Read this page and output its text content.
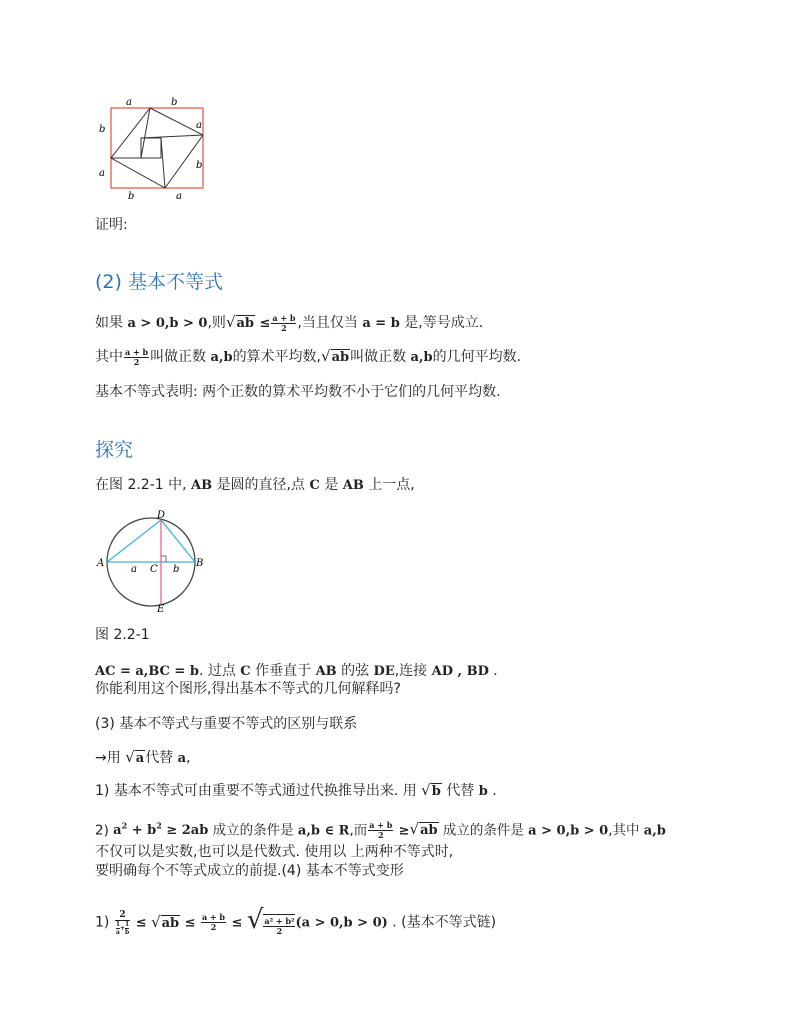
a	b
b	a
a
b
b	a
证明:
(2) 基本不等式
如果 a > 0,b > 0,则$√ab \le \frac{a + b}{2}$ ,当且仅当 a = b 是,等号成立.
其中 $\frac{a + b}{2}$ 叫做正数 a,b的算术平均数,√ab叫做正数 a,b的几何平均数.
基本不等式表明: 两个正数的算术平均数不小于它们的几何平均数.
探究
在图 2.2-1 中, AB 是圆的直径,点 C 是 AB 上一点,
D
A	B
a C b
E
图 2.2-1
AC = a,BC = b. 过点 C 作垂直于 AB 的弦 DE,连接 AD , BD .
你能利用这个图形,得出基本不等式的几何解释吗?
(3) 基本不等式与重要不等式的区别与联系
→用 √a代替 a,
1) 基本不等式可由重要不等式通过代换推导出来. 用 √b 代替 b .
2) $a^2 + b^2 \ge 2ab$ 成立的条件是 a,b ∈ R,而 $\frac{a + b}{2} \ge√ab$ 成立的条件是 a > 0,b > 0,其中 a,b
不仅可以是实数,也可以是代数式. 使用以 上两种不等式时,
要明确每个不等式成立的前提.(4) 基本不等式变形
$1) \frac{2}{\frac{1}{a} + \frac{1}{b}} \le √ab \le \frac{a + b}{2}$ ≤ √ $\frac{\text{a² + b²}}{2} (a > 0,b > 0)$ . (基本不等式链)
